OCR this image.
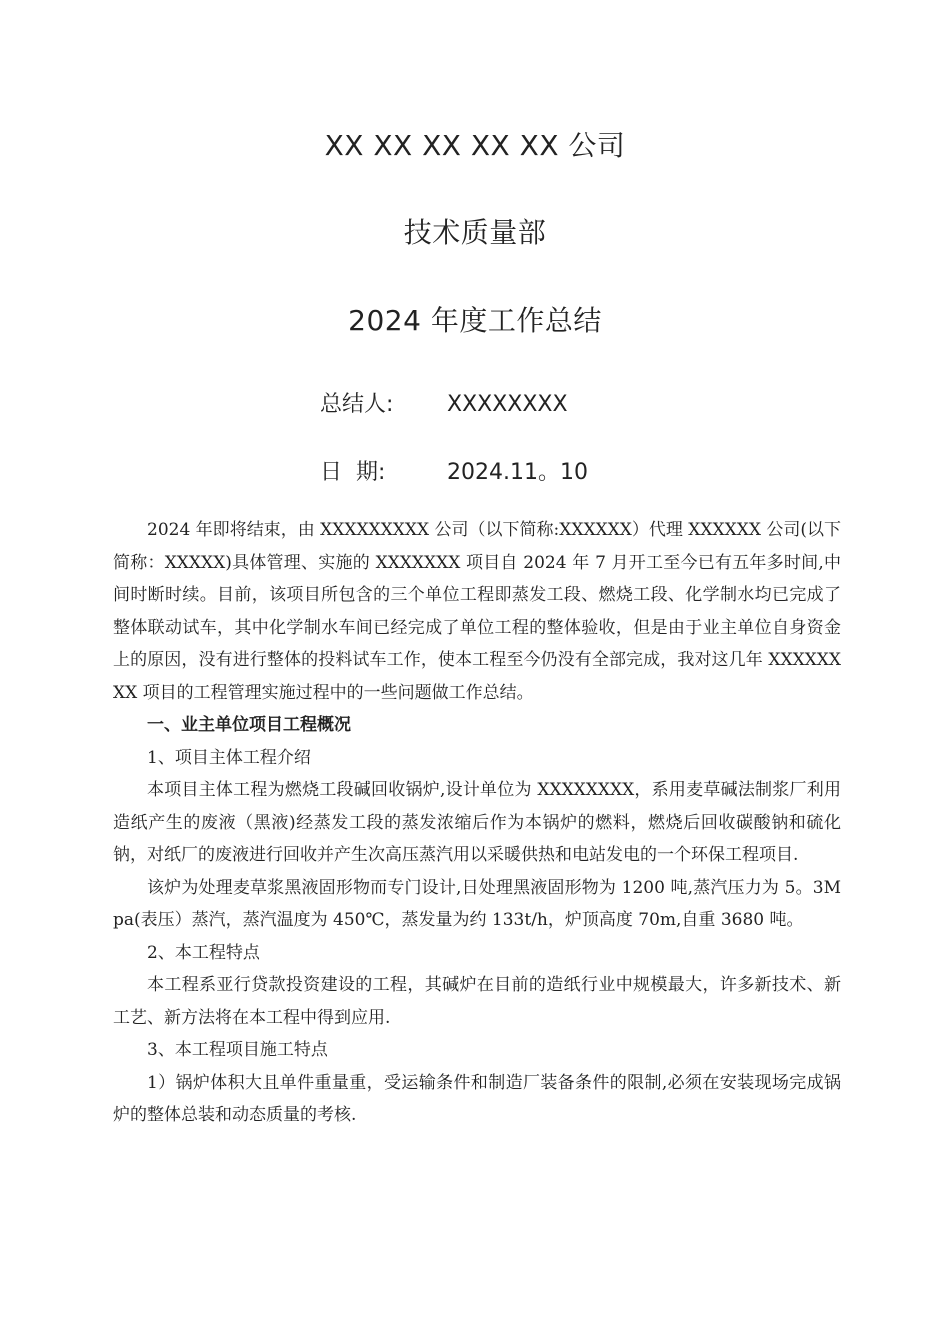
XX XX XX XX XX 公司
技术质量部
2024 年度工作总结
总结人: XXXXXXXX
日  期:	2024.11。10

2024 年即将结束，由 XXXXXXXXX 公司（以下简称:XXXXXX）代理 XXXXXX 公司(以下简称：XXXXX)具体管理、实施的 XXXXXXX 项目自 2024 年 7 月开工至今已有五年多时间,中间时断时续。目前，该项目所包含的三个单位工程即蒸发工段、燃烧工段、化学制水均已完成了整体联动试车，其中化学制水车间已经完成了单位工程的整体验收，但是由于业主单位自身资金上的原因，没有进行整体的投料试车工作，使本工程至今仍没有全部完成，我对这几年 XXXXXXXX 项目的工程管理实施过程中的一些问题做工作总结。

一、业主单位项目工程概况

1、项目主体工程介绍

本项目主体工程为燃烧工段碱回收锅炉,设计单位为 XXXXXXXX，系用麦草碱法制浆厂利用造纸产生的废液（黑液)经蒸发工段的蒸发浓缩后作为本锅炉的燃料，燃烧后回收碳酸钠和硫化钠，对纸厂的废液进行回收并产生次高压蒸汽用以采暖供热和电站发电的一个环保工程项目.

该炉为处理麦草浆黑液固形物而专门设计,日处理黑液固形物为 1200 吨,蒸汽压力为 5。3Mpa(表压）蒸汽，蒸汽温度为 450℃，蒸发量为约 133t/h，炉顶高度 70m,自重 3680 吨。

2、本工程特点

本工程系亚行贷款投资建设的工程，其碱炉在目前的造纸行业中规模最大，许多新技术、新工艺、新方法将在本工程中得到应用.

3、本工程项目施工特点

1）锅炉体积大且单件重量重，受运输条件和制造厂装备条件的限制,必须在安装现场完成锅炉的整体总装和动态质量的考核.
